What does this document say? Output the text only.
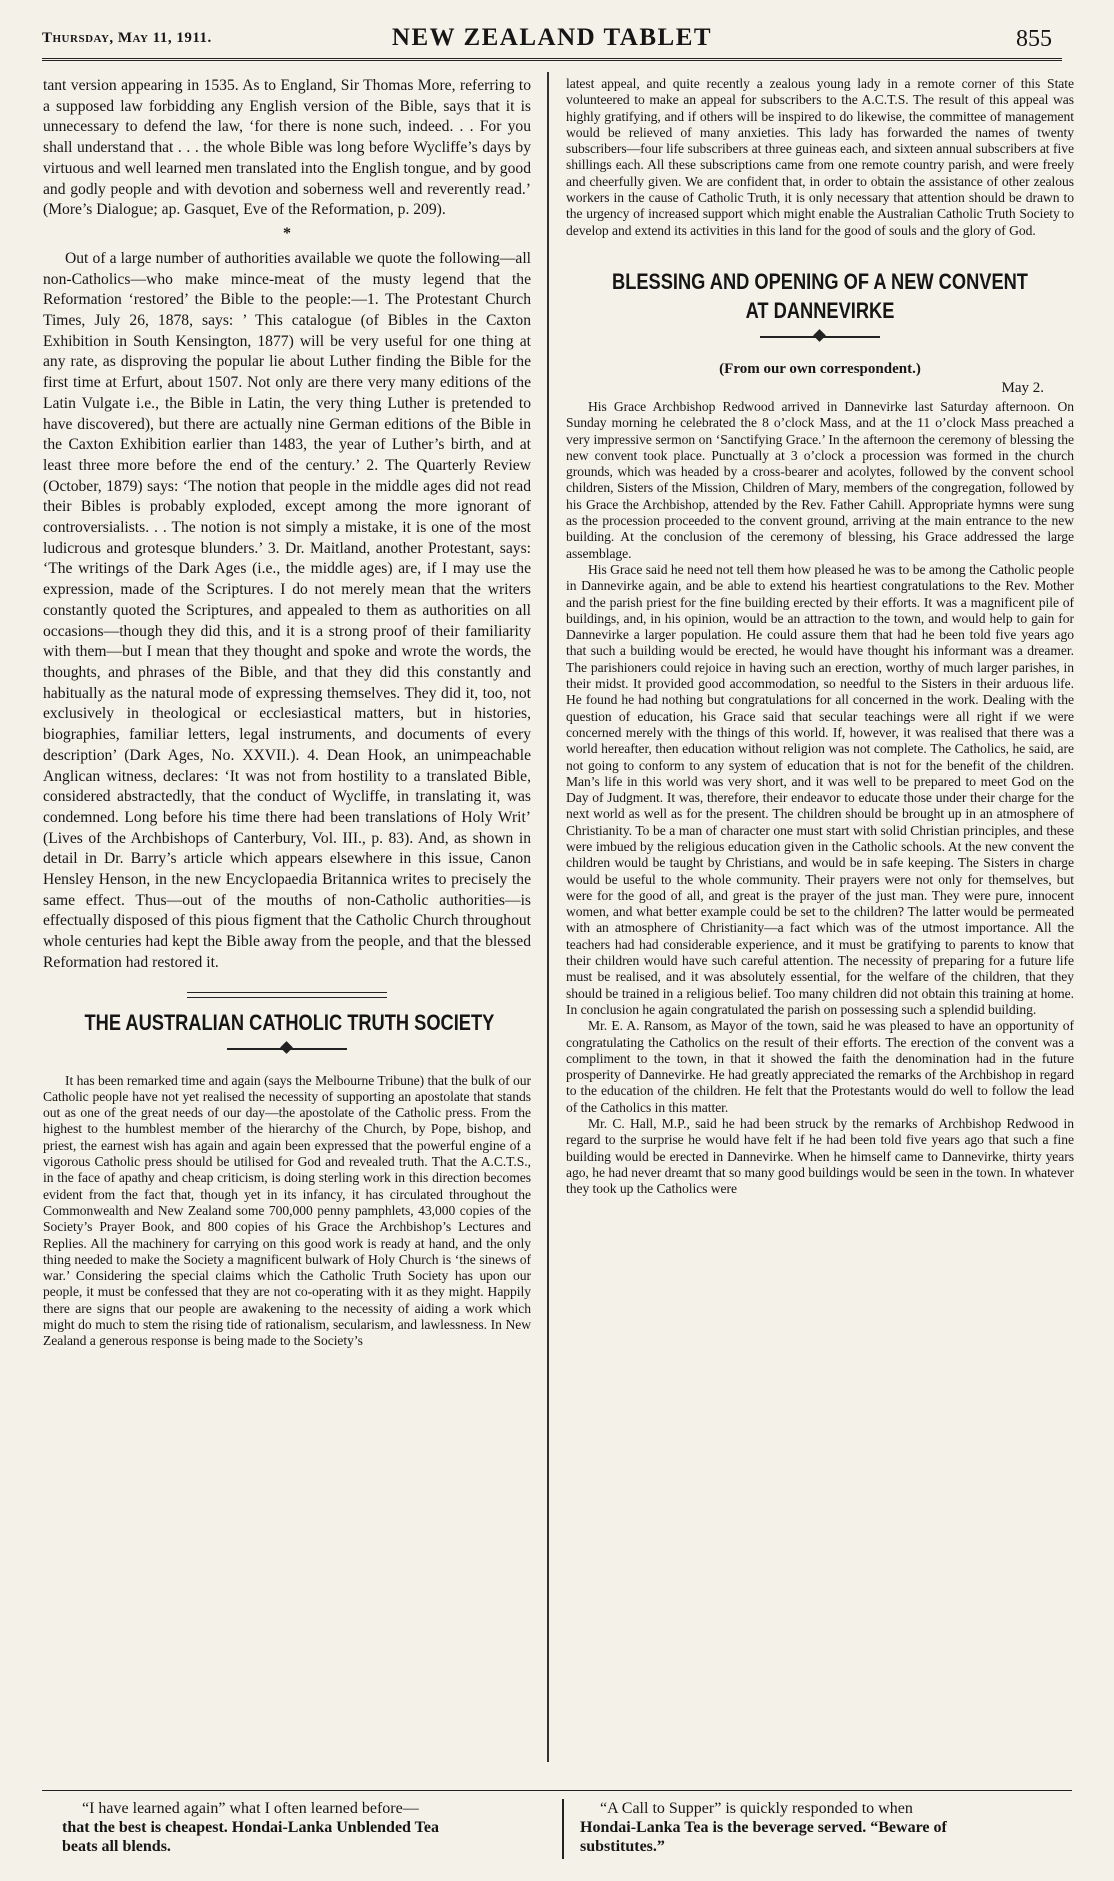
Thursday, May 11, 1911.	NEW ZEALAND TABLET	855

tant version appearing in 1535. As to England, Sir Thomas More, referring to a supposed law forbidding any English version of the Bible, says that it is unnecessary to defend the law, ‘for there is none such, indeed. . . For you shall understand that . . . the whole Bible was long before Wycliffe’s days by virtuous and well learned men translated into the English tongue, and by good and godly people and with devotion and soberness well and reverently read.’ (More’s Dialogue; ap. Gasquet, Eve of the Reformation, p. 209).

*

Out of a large number of authorities available we quote the following—all non-Catholics—who make mince-meat of the musty legend that the Reformation ‘restored’ the Bible to the people:—1. The Protestant Church Times, July 26, 1878, says: ’ This catalogue (of Bibles in the Caxton Exhibition in South Kensington, 1877) will be very useful for one thing at any rate, as disproving the popular lie about Luther finding the Bible for the first time at Erfurt, about 1507. Not only are there very many editions of the Latin Vulgate i.e., the Bible in Latin, the very thing Luther is pretended to have discovered), but there are actually nine German editions of the Bible in the Caxton Exhibition earlier than 1483, the year of Luther’s birth, and at least three more before the end of the century.’ 2. The Quarterly Review (October, 1879) says: ‘The notion that people in the middle ages did not read their Bibles is probably exploded, except among the more ignorant of controversialists. . . The notion is not simply a mistake, it is one of the most ludicrous and grotesque blunders.’ 3. Dr. Maitland, another Protestant, says: ‘The writings of the Dark Ages (i.e., the middle ages) are, if I may use the expression, made of the Scriptures. I do not merely mean that the writers constantly quoted the Scriptures, and appealed to them as authorities on all occasions—though they did this, and it is a strong proof of their familiarity with them—but I mean that they thought and spoke and wrote the words, the thoughts, and phrases of the Bible, and that they did this constantly and habitually as the natural mode of expressing themselves. They did it, too, not exclusively in theological or ecclesiastical matters, but in histories, biographies, familiar letters, legal instruments, and documents of every description’ (Dark Ages, No. XXVII.). 4. Dean Hook, an unimpeachable Anglican witness, declares: ‘It was not from hostility to a translated Bible, considered abstractedly, that the conduct of Wycliffe, in translating it, was condemned. Long before his time there had been translations of Holy Writ’ (Lives of the Archbishops of Canterbury, Vol. III., p. 83). And, as shown in detail in Dr. Barry’s article which appears elsewhere in this issue, Canon Hensley Henson, in the new Encyclopaedia Britannica writes to precisely the same effect. Thus—out of the mouths of non-Catholic authorities—is effectually disposed of this pious figment that the Catholic Church throughout whole centuries had kept the Bible away from the people, and that the blessed Reformation had restored it.

THE AUSTRALIAN CATHOLIC TRUTH SOCIETY

It has been remarked time and again (says the Melbourne Tribune) that the bulk of our Catholic people have not yet realised the necessity of supporting an apostolate that stands out as one of the great needs of our day—the apostolate of the Catholic press. From the highest to the humblest member of the hierarchy of the Church, by Pope, bishop, and priest, the earnest wish has again and again been expressed that the powerful engine of a vigorous Catholic press should be utilised for God and revealed truth. That the A.C.T.S., in the face of apathy and cheap criticism, is doing sterling work in this direction becomes evident from the fact that, though yet in its infancy, it has circulated throughout the Commonwealth and New Zealand some 700,000 penny pamphlets, 43,000 copies of the Society’s Prayer Book, and 800 copies of his Grace the Archbishop’s Lectures and Replies. All the machinery for carrying on this good work is ready at hand, and the only thing needed to make the Society a magnificent bulwark of Holy Church is ‘the sinews of war.’ Considering the special claims which the Catholic Truth Society has upon our people, it must be confessed that they are not co-operating with it as they might. Happily there are signs that our people are awakening to the necessity of aiding a work which might do much to stem the rising tide of rationalism, secularism, and lawlessness. In New Zealand a generous response is being made to the Society’s

latest appeal, and quite recently a zealous young lady in a remote corner of this State volunteered to make an appeal for subscribers to the A.C.T.S. The result of this appeal was highly gratifying, and if others will be inspired to do likewise, the committee of management would be relieved of many anxieties. This lady has forwarded the names of twenty subscribers—four life subscribers at three guineas each, and sixteen annual subscribers at five shillings each. All these subscriptions came from one remote country parish, and were freely and cheerfully given. We are confident that, in order to obtain the assistance of other zealous workers in the cause of Catholic Truth, it is only necessary that attention should be drawn to the urgency of increased support which might enable the Australian Catholic Truth Society to develop and extend its activities in this land for the good of souls and the glory of God.

BLESSING AND OPENING OF A NEW CONVENT
AT DANNEVIRKE
(From our own correspondent.)
May 2.

His Grace Archbishop Redwood arrived in Dannevirke last Saturday afternoon. On Sunday morning he celebrated the 8 o’clock Mass, and at the 11 o’clock Mass preached a very impressive sermon on ‘Sanctifying Grace.’ In the afternoon the ceremony of blessing the new convent took place. Punctually at 3 o’clock a procession was formed in the church grounds, which was headed by a cross-bearer and acolytes, followed by the convent school children, Sisters of the Mission, Children of Mary, members of the congregation, followed by his Grace the Archbishop, attended by the Rev. Father Cahill. Appropriate hymns were sung as the procession proceeded to the convent ground, arriving at the main entrance to the new building. At the conclusion of the ceremony of blessing, his Grace addressed the large assemblage.

His Grace said he need not tell them how pleased he was to be among the Catholic people in Dannevirke again, and be able to extend his heartiest congratulations to the Rev. Mother and the parish priest for the fine building erected by their efforts. It was a magnificent pile of buildings, and, in his opinion, would be an attraction to the town, and would help to gain for Dannevirke a larger population. He could assure them that had he been told five years ago that such a building would be erected, he would have thought his informant was a dreamer. The parishioners could rejoice in having such an erection, worthy of much larger parishes, in their midst. It provided good accommodation, so needful to the Sisters in their arduous life. He found he had nothing but congratulations for all concerned in the work. Dealing with the question of education, his Grace said that secular teachings were all right if we were concerned merely with the things of this world. If, however, it was realised that there was a world hereafter, then education without religion was not complete. The Catholics, he said, are not going to conform to any system of education that is not for the benefit of the children. Man’s life in this world was very short, and it was well to be prepared to meet God on the Day of Judgment. It was, therefore, their endeavor to educate those under their charge for the next world as well as for the present. The children should be brought up in an atmosphere of Christianity. To be a man of character one must start with solid Christian principles, and these were imbued by the religious education given in the Catholic schools. At the new convent the children would be taught by Christians, and would be in safe keeping. The Sisters in charge would be useful to the whole community. Their prayers were not only for themselves, but were for the good of all, and great is the prayer of the just man. They were pure, innocent women, and what better example could be set to the children? The latter would be permeated with an atmosphere of Christianity—a fact which was of the utmost importance. All the teachers had had considerable experience, and it must be gratifying to parents to know that their children would have such careful attention. The necessity of preparing for a future life must be realised, and it was absolutely essential, for the welfare of the children, that they should be trained in a religious belief. Too many children did not obtain this training at home. In conclusion he again congratulated the parish on possessing such a splendid building.

Mr. E. A. Ransom, as Mayor of the town, said he was pleased to have an opportunity of congratulating the Catholics on the result of their efforts. The erection of the convent was a compliment to the town, in that it showed the faith the denomination had in the future prosperity of Dannevirke. He had greatly appreciated the remarks of the Archbishop in regard to the education of the children. He felt that the Protestants would do well to follow the lead of the Catholics in this matter.

Mr. C. Hall, M.P., said he had been struck by the remarks of Archbishop Redwood in regard to the surprise he would have felt if he had been told five years ago that such a fine building would be erected in Dannevirke. When he himself came to Dannevirke, thirty years ago, he had never dreamt that so many good buildings would be seen in the town. In whatever they took up the Catholics were

“I have learned again” what I often learned before—
that the best is cheapest. Hondai-Lanka Unblended Tea
beats all blends.
“A Call to Supper” is quickly responded to when
Hondai-Lanka Tea is the beverage served. “Beware of
substitutes.”
